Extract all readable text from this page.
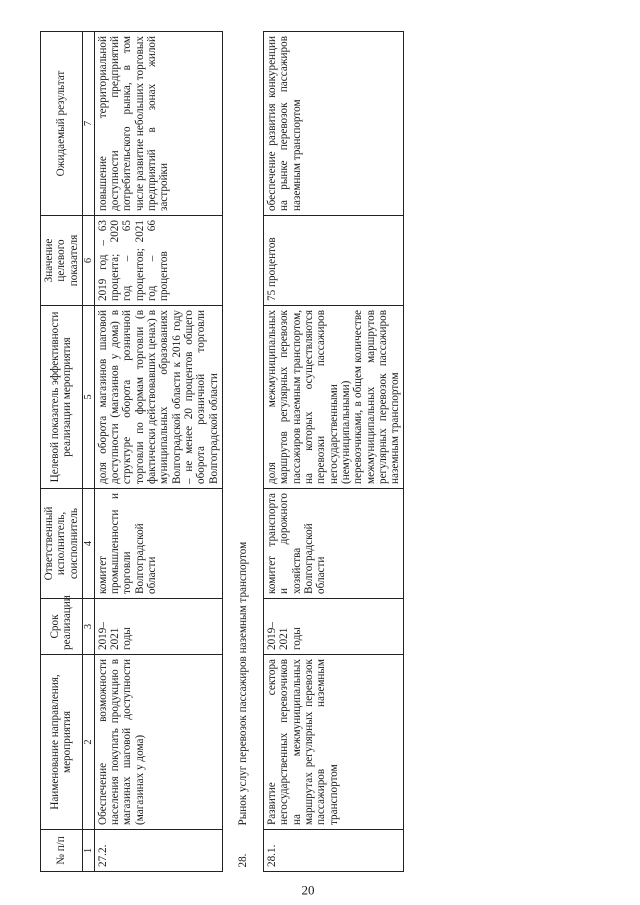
20
№ п/п	Наименование направления, мероприятия	Срок реализации	Ответственный исполнитель, соисполнитель	Целевой показатель эффективности реализации мероприятия	Значение целевого показателя	Ожидаемый результат
1	2	3	4	5	6	7
27.2.	Обеспечение возможности населения покупать продукцию в магазинах шаговой доступности (магазинах у дома)	2019–2021 годы	комитет промышленности и торговли Волгоградской области	доля оборота магазинов шаговой доступности (магазинов у дома) в структуре оборота розничной торговли по формам торговли (в фактически действовавших ценах) в муниципальных образованиях Волгоградской области к 2016 году – не менее 20 процентов общего оборота розничной торговли Волгоградской области	2019 год – 63 процента; 2020 год – 65 процентов; 2021 год – 66 процентов	повышение территориальной доступности предприятий потребительского рынка, в том числе развитие небольших торговых предприятий в зонах жилой застройки
28.	Рынок услуг перевозок пассажиров наземным транспортом					
28.1.	Развитие сектора негосударственных перевозчиков на межмуниципальных маршрутах регулярных перевозок пассажиров наземным транспортом	2019–2021 годы	комитет транспорта и дорожного хозяйства Волгоградской области	доля межмуниципальных маршрутов регулярных перевозок пассажиров наземным транспортом, на которых осуществляются перевозки пассажиров негосударственными (немуниципальными) перевозчиками, в общем количестве межмуниципальных маршрутов регулярных перевозок пассажиров наземным транспортом	75 процентов	обеспечение развития конкуренции на рынке перевозок пассажиров наземным транспортом
